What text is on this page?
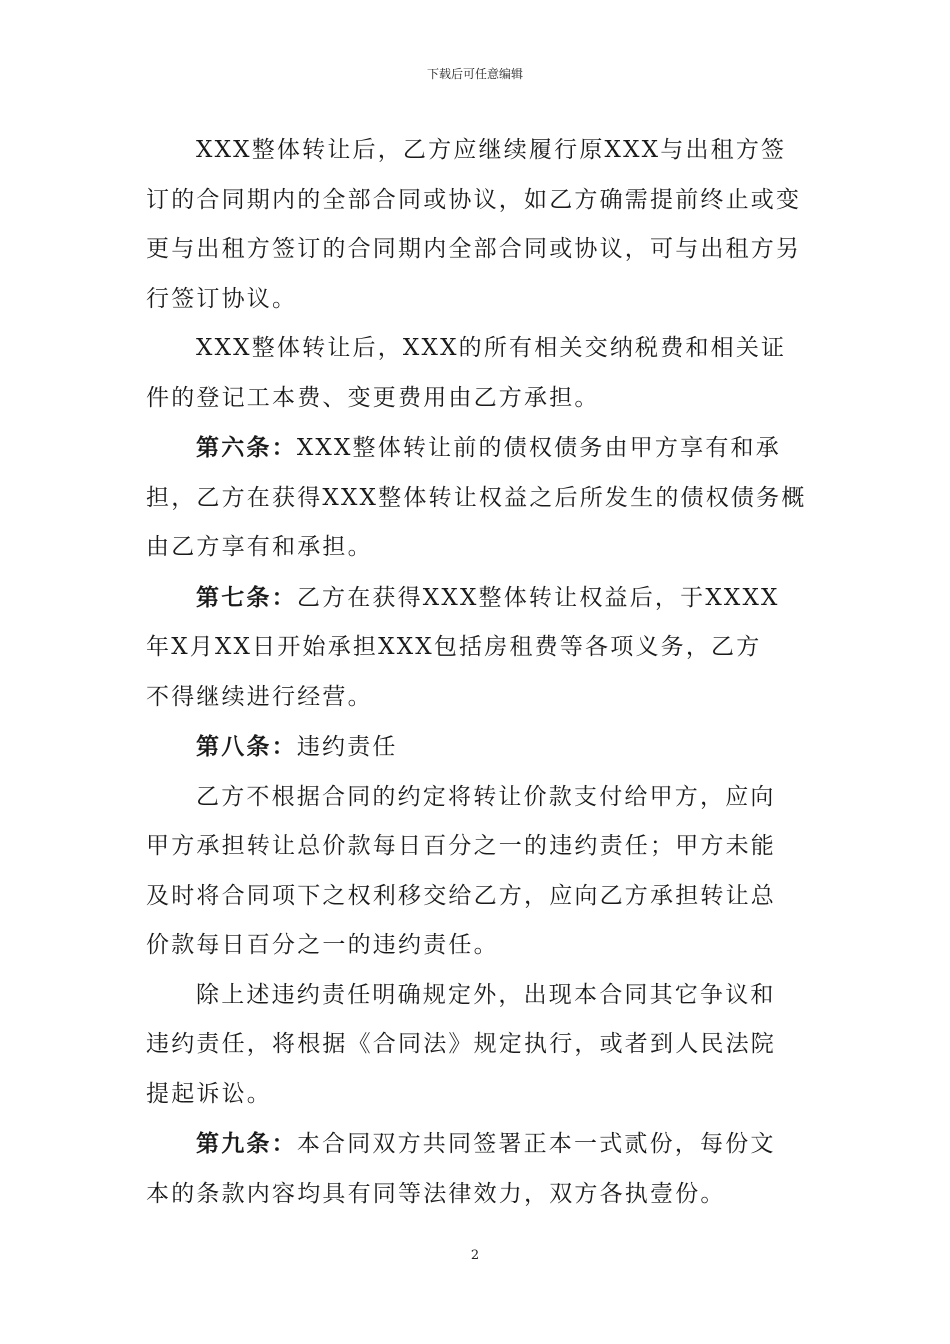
下载后可任意编辑

XXX整体转让后，乙方应继续履行原XXX与出租方签订的合同期内的全部合同或协议，如乙方确需提前终止或变更与出租方签订的合同期内全部合同或协议，可与出租方另行签订协议。

XXX整体转让后，XXX的所有相关交纳税费和相关证件的登记工本费、变更费用由乙方承担。

第六条：XXX整体转让前的债权债务由甲方享有和承担，乙方在获得XXX整体转让权益之后所发生的债权债务概由乙方享有和承担。

第七条：乙方在获得XXX整体转让权益后，于XXXX年X月XX日开始承担XXX包括房租费等各项义务，乙方不得继续进行经营。

第八条：违约责任

乙方不根据合同的约定将转让价款支付给甲方，应向甲方承担转让总价款每日百分之一的违约责任；甲方未能及时将合同项下之权利移交给乙方，应向乙方承担转让总价款每日百分之一的违约责任。

除上述违约责任明确规定外，出现本合同其它争议和违约责任，将根据《合同法》规定执行，或者到人民法院提起诉讼。

第九条：本合同双方共同签署正本一式贰份，每份文本的条款内容均具有同等法律效力，双方各执壹份。

2
